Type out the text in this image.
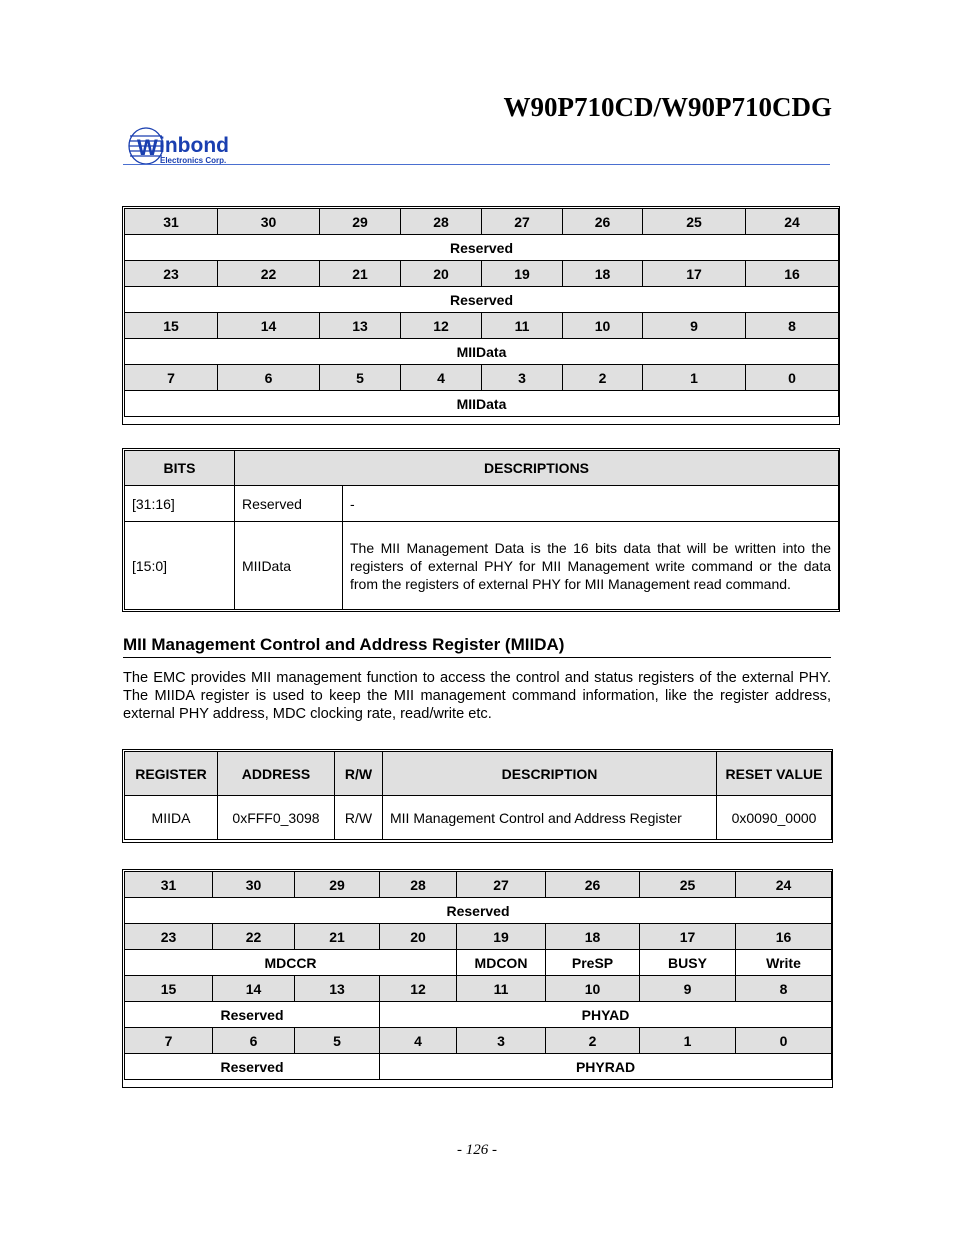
W90P710CD/W90P710CDG
W inbond
Electronics Corp.
31	30	29	28	27	26	25	24
Reserved							
23	22	21	20	19	18	17	16
Reserved							
15	14	13	12	11	10	9	8
MIIData							
7	6	5	4	3	2	1	0
MIIData							
BITS	DESCRIPTIONS	
[31:16]	Reserved	-
[15:0]	MIIData	The MII Management Data is the 16 bits data that will be written into the registers of external PHY for MII Management write command or the data from the registers of external PHY for MII Management read command.
MII Management Control and Address Register (MIIDA)
The EMC provides MII management function to access the control and status registers of the external PHY. The MIIDA register is used to keep the MII management command information, like the register address, external PHY address, MDC clocking rate, read/write etc.
REGISTER	ADDRESS	R/W	DESCRIPTION	RESET VALUE
MIIDA	0xFFF0_3098	R/W	MII Management Control and Address Register	0x0090_0000
31	30	29	28	27	26	25	24
Reserved							
23	22	21	20	19	18	17	16
MDCCR				MDCON	PreSP	BUSY	Write
15	14	13	12	11	10	9	8
Reserved			PHYAD				
7	6	5	4	3	2	1	0
Reserved			PHYRAD				
- 126 -
